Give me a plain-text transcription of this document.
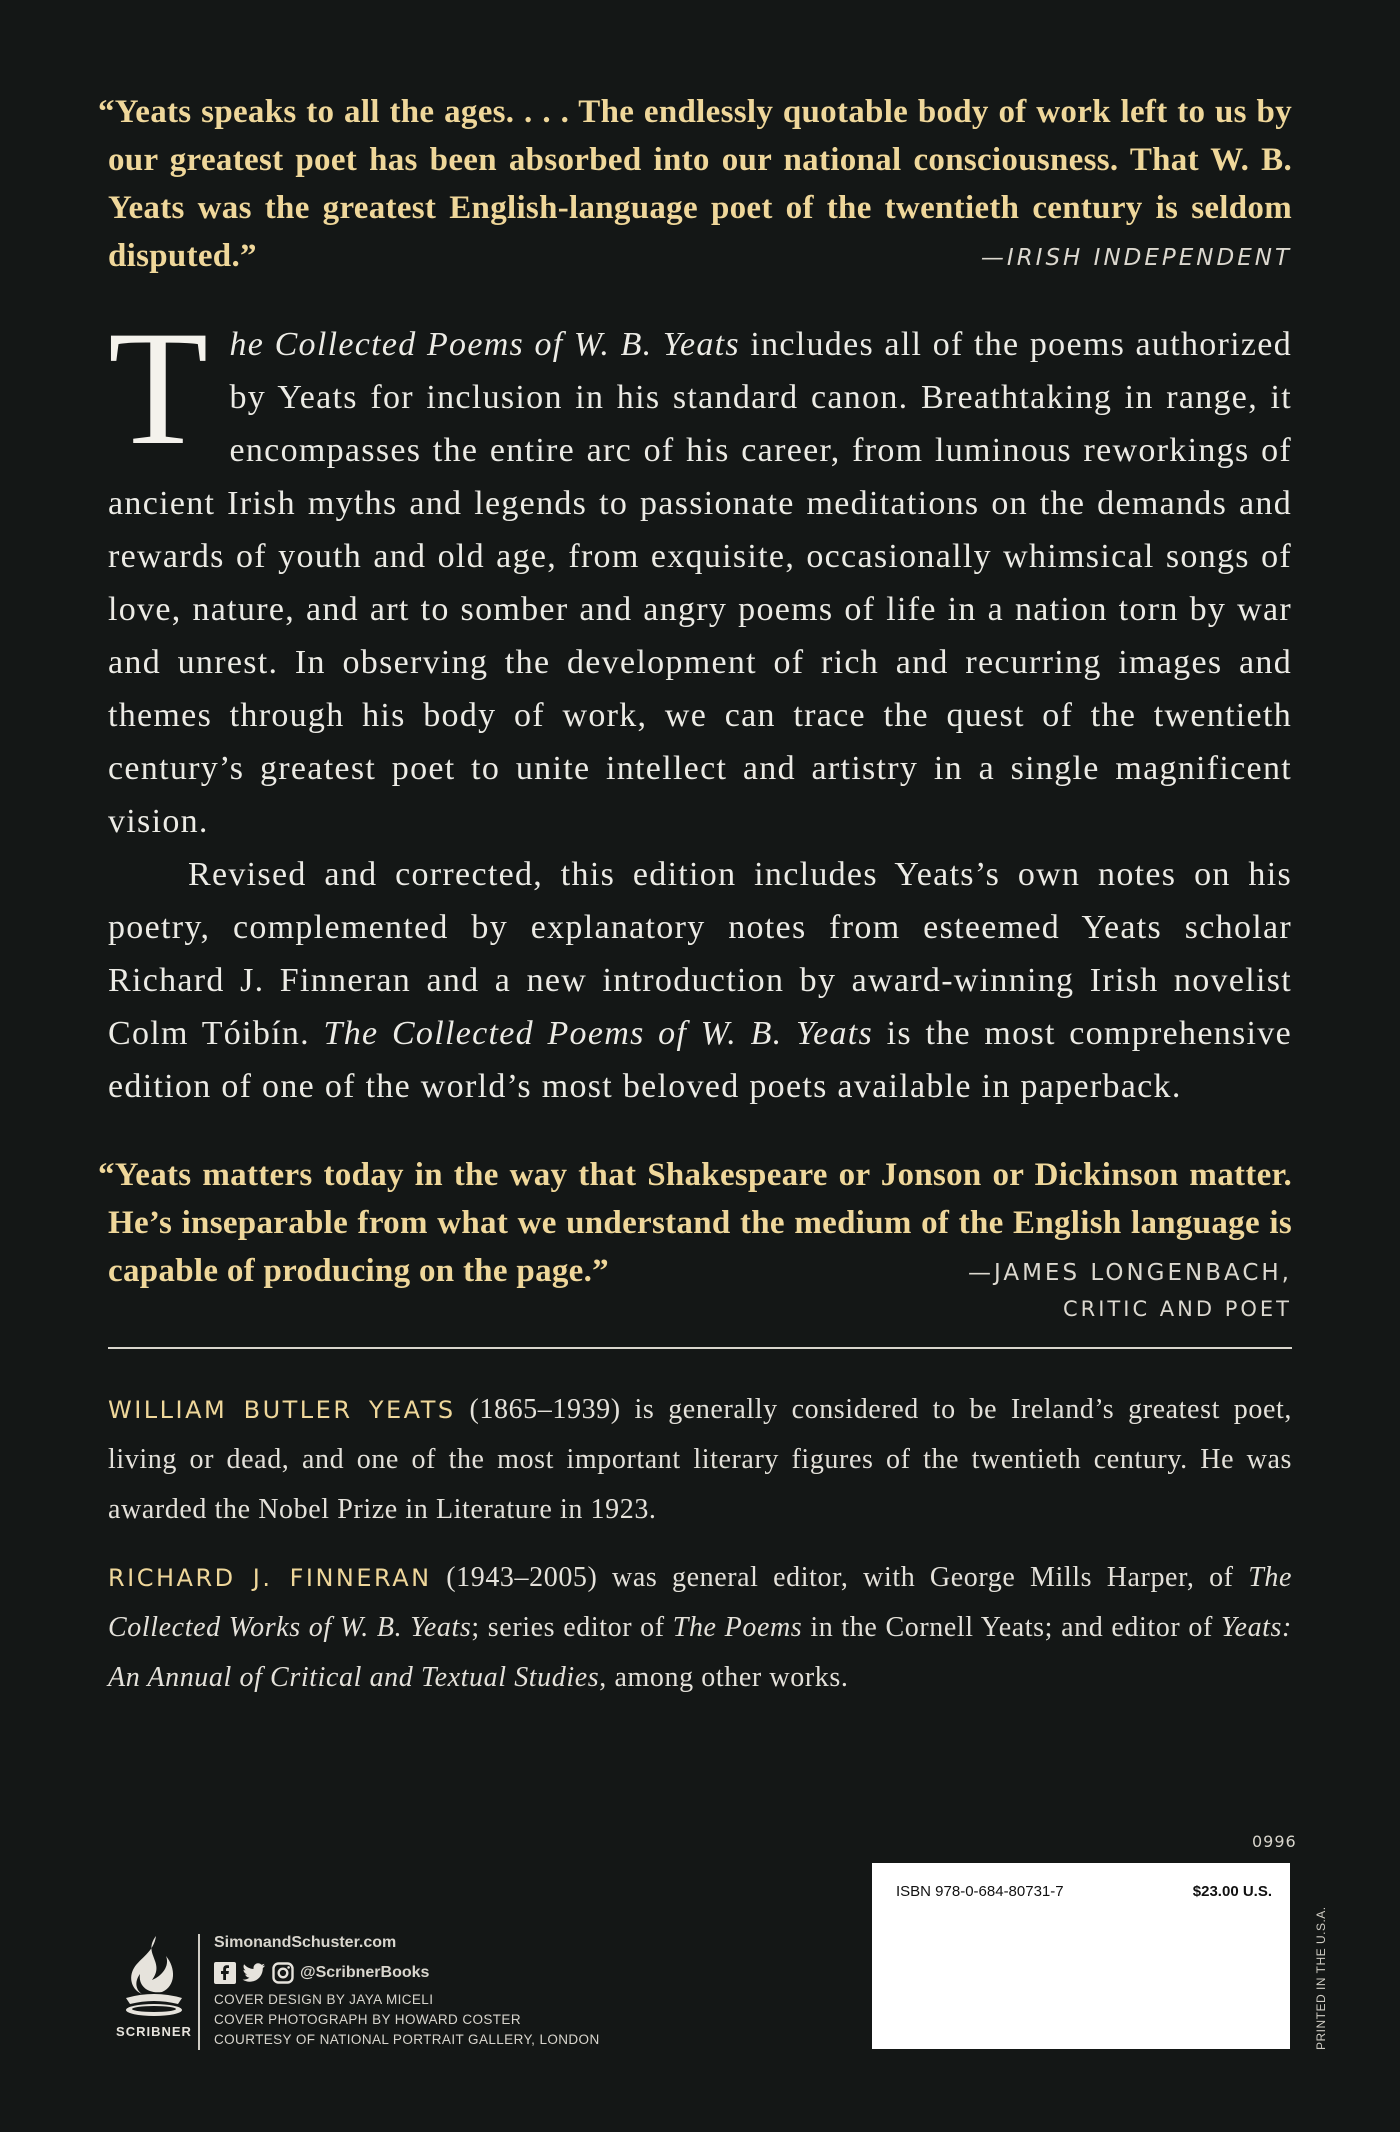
“Yeats speaks to all the ages. . . . The endlessly quotable body of work left to us by our greatest poet has been absorbed into our national consciousness. That W. B. Yeats was the greatest English-language poet of the twentieth century is seldom disputed.”	—IRISH INDEPENDENT

The Collected Poems of W. B. Yeats includes all of the poems authorized by Yeats for inclusion in his standard canon. Breathtaking in range, it encompasses the entire arc of his career, from luminous reworkings of ancient Irish myths and legends to passionate meditations on the demands and rewards of youth and old age, from exquisite, occasionally whimsical songs of love, nature, and art to somber and angry poems of life in a nation torn by war and unrest. In observing the development of rich and recurring images and themes through his body of work, we can trace the quest of the twentieth century’s greatest poet to unite intellect and artistry in a single magnificent vision.

Revised and corrected, this edition includes Yeats’s own notes on his poetry, complemented by explanatory notes from esteemed Yeats scholar Richard J. Finneran and a new introduction by award-winning Irish novelist Colm Tóibín. The Collected Poems of W. B. Yeats is the most comprehensive edition of one of the world’s most beloved poets available in paperback.

“Yeats matters today in the way that Shakespeare or Jonson or Dickinson matter. He’s inseparable from what we understand the medium of the English language is capable of producing on the page.”	—JAMES LONGENBACH,
CRITIC AND POET

WILLIAM BUTLER YEATS (1865–1939) is generally considered to be Ireland’s greatest poet, living or dead, and one of the most important literary figures of the twentieth century. He was awarded the Nobel Prize in Literature in 1923.

RICHARD J. FINNERAN (1943–2005) was general editor, with George Mills Harper, of The Collected Works of W. B. Yeats; series editor of The Poems in the Cornell Yeats; and editor of Yeats: An Annual of Critical and Textual Studies, among other works.

0996
ISBN 978-0-684-80731-7	$23.00 U.S.
PRINTED IN THE U.S.A.
SCRIBNER
SimonandSchuster.com
@ScribnerBooks
COVER DESIGN BY JAYA MICELI
COVER PHOTOGRAPH BY HOWARD COSTER
COURTESY OF NATIONAL PORTRAIT GALLERY, LONDON
